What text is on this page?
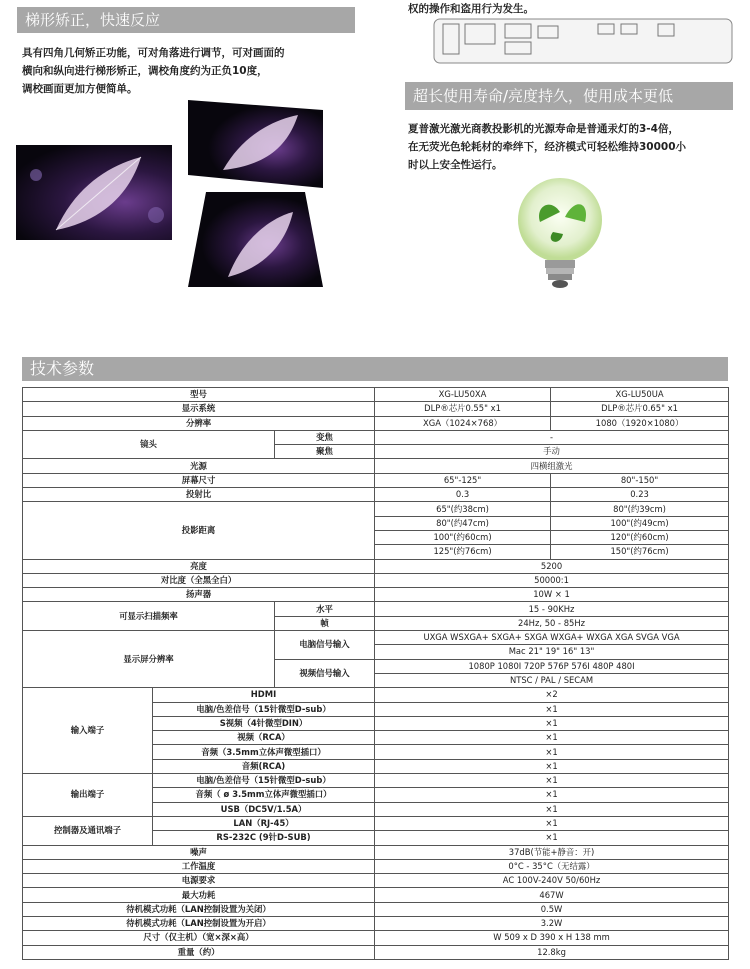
梯形矫正，快速反应
具有四角几何矫正功能，可对角落进行调节，可对画面的
横向和纵向进行梯形矫正，调校角度约为正负10度，
调校画面更加方便简单。
权的操作和盗用行为发生。
超长使用寿命/亮度持久，使用成本更低
夏普激光激光商教投影机的光源寿命是普通汞灯的3-4倍，
在无荧光色轮耗材的牵绊下，经济模式可轻松维持30000小
时以上安全性运行。
技术参数
型号			XG-LU50XA	XG-LU50UA
显示系统			DLP®芯片0.55" x1	DLP®芯片0.65" x1
分辨率			XGA（1024×768）	1080（1920×1080）
镜头		变焦	-	
		聚焦	手动	
光源			四横组激光	
屏幕尺寸			65"-125"	80"-150"
投射比			0.3	0.23
投影距离			65"(约38cm)	80"(约39cm)
			80"(约47cm)	100"(约49cm)
			100"(约60cm)	120"(约60cm)
			125"(约76cm)	150"(约76cm)
亮度			5200	
对比度（全黑全白）			50000:1	
扬声器			10W × 1	
可显示扫描频率		水平	15 - 90KHz	
		帧	24Hz, 50 - 85Hz	
显示屏分辨率		电脑信号输入	UXGA WSXGA+ SXGA+ SXGA WXGA+ WXGA XGA SVGA VGA	
			Mac 21" 19" 16" 13"	
		视频信号输入	1080P 1080I 720P 576P 576I 480P 480I	
			NTSC / PAL / SECAM	
输入端子	HDMI		×2	
	电脑/色差信号（15针微型D-sub）		×1	
	S视频（4针微型DIN）		×1	
	视频（RCA）		×1	
	音频（3.5mm立体声微型插口）		×1	
	音频(RCA)		×1	
输出端子	电脑/色差信号（15针微型D-sub）		×1	
	音频（ ø 3.5mm立体声微型插口）		×1	
	USB（DC5V/1.5A）		×1	
控制器及通讯端子	LAN（RJ-45）		×1	
	RS-232C (9针D-SUB)		×1	
噪声			37dB(节能+静音：开)	
工作温度			0°C - 35°C（无结露）	
电源要求			AC 100V-240V 50/60Hz	
最大功耗			467W	
待机模式功耗（LAN控制设置为关闭）			0.5W	
待机模式功耗（LAN控制设置为开启）			3.2W	
尺寸（仅主机）（宽×深×高）			W 509 x D 390 x H 138 mm	
重量（约）			12.8kg	
